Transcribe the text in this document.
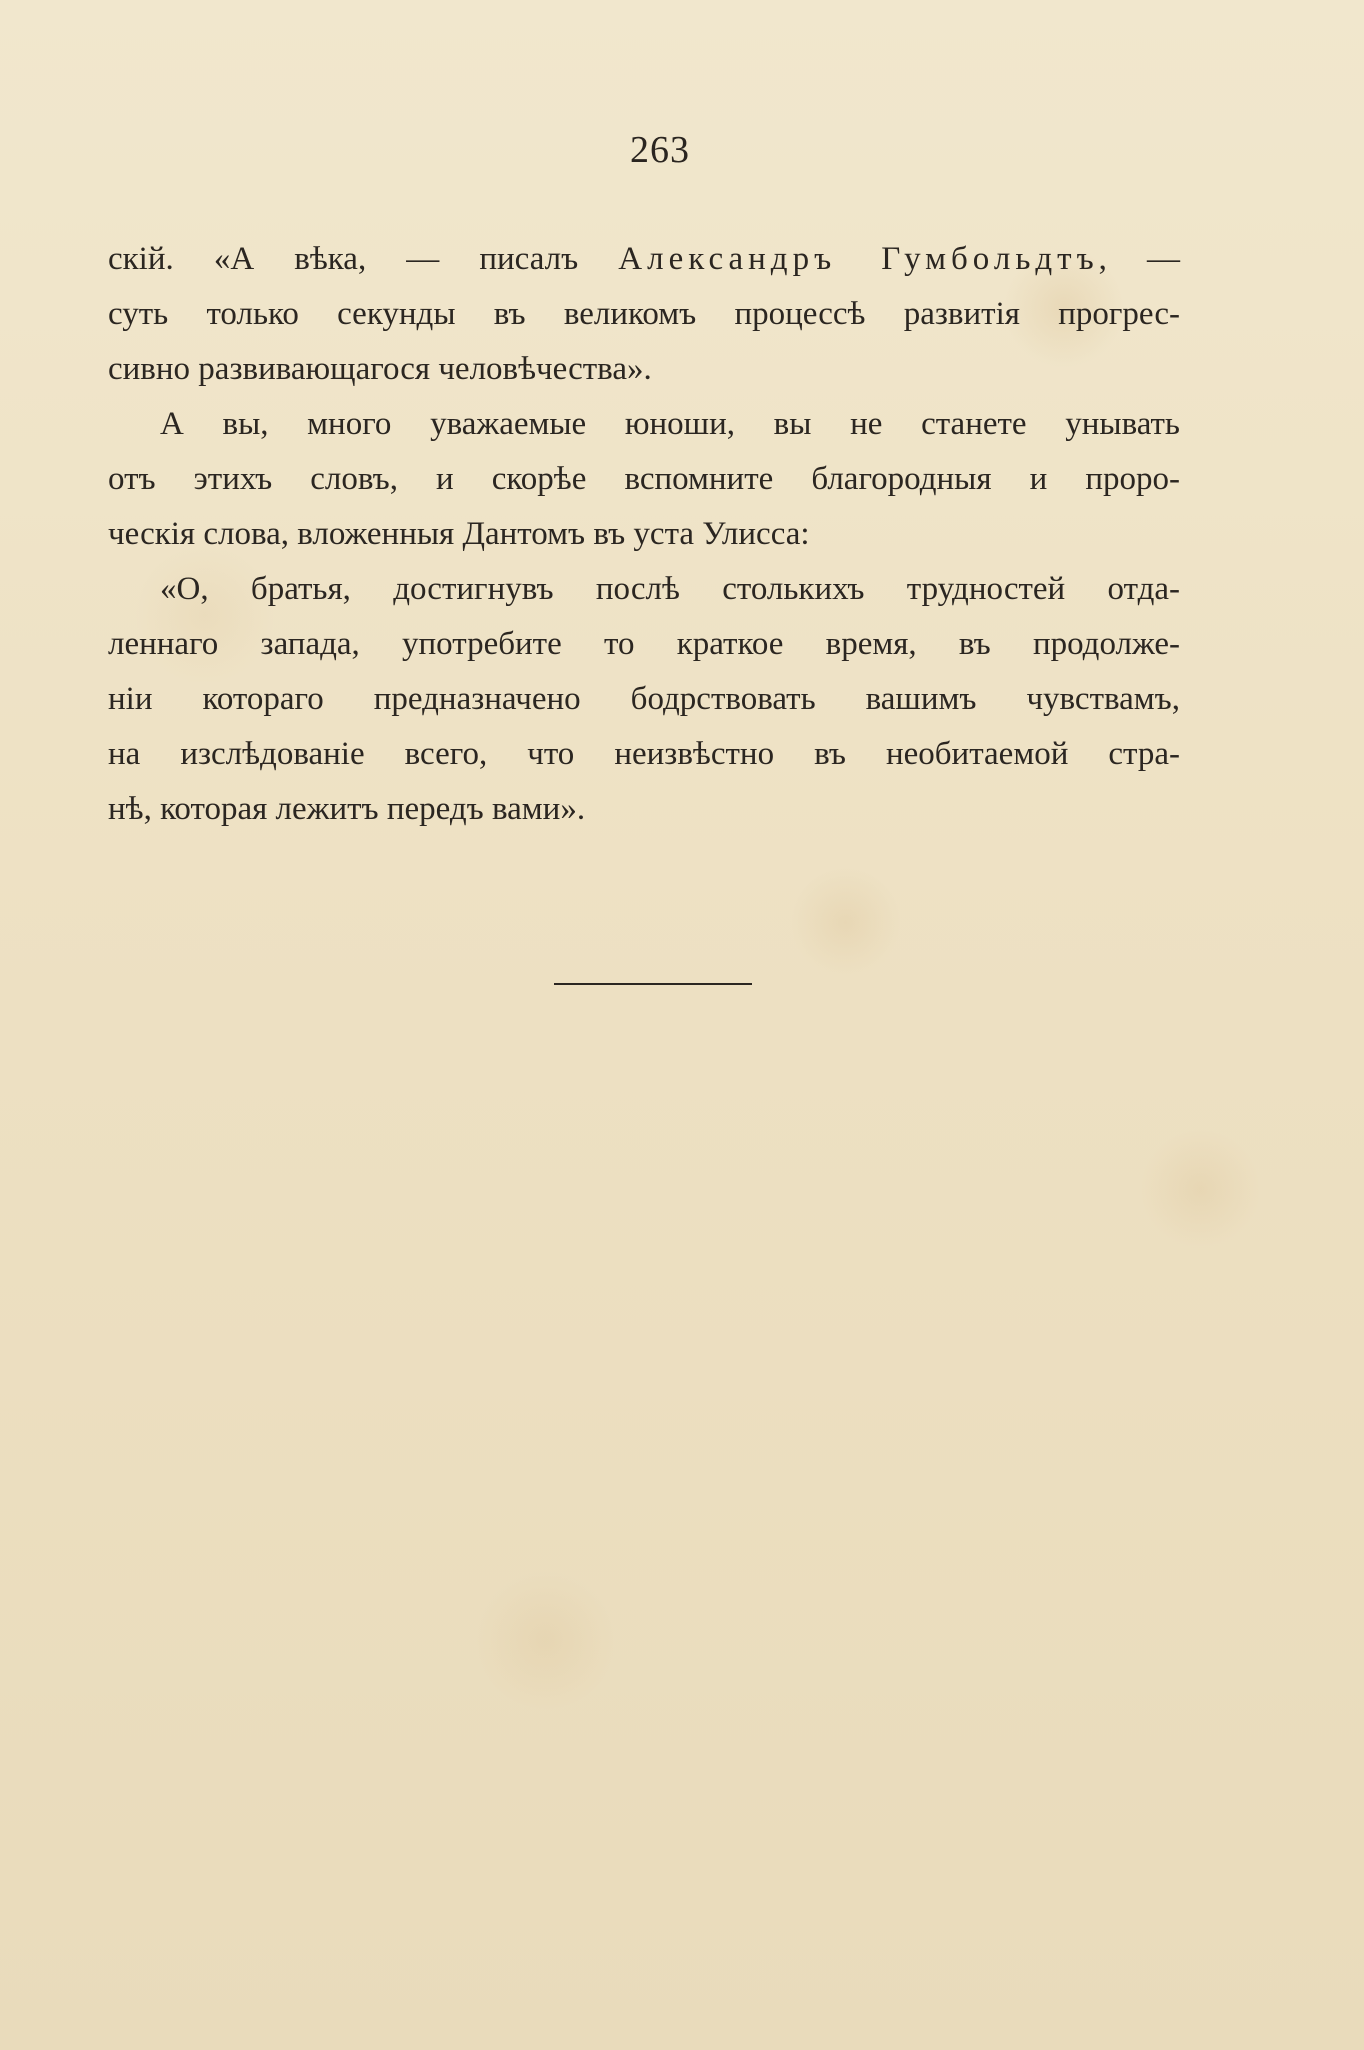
263
скій. «А вѣка, — писалъ Александръ Гумбольдтъ, —
суть только секунды въ великомъ процессѣ развитія прогрес-
сивно развивающагося человѣчества».
А вы, много уважаемые юноши, вы не станете унывать
отъ этихъ словъ, и скорѣе вспомните благородныя и проро-
ческія слова, вложенныя Дантомъ въ уста Улисса:
«О, братья, достигнувъ послѣ столькихъ трудностей отда-
леннаго запада, употребите то краткое время, въ продолже-
ніи котораго предназначено бодрствовать вашимъ чувствамъ,
на изслѣдованіе всего, что неизвѣстно въ необитаемой стра-
нѣ, которая лежитъ передъ вами».
